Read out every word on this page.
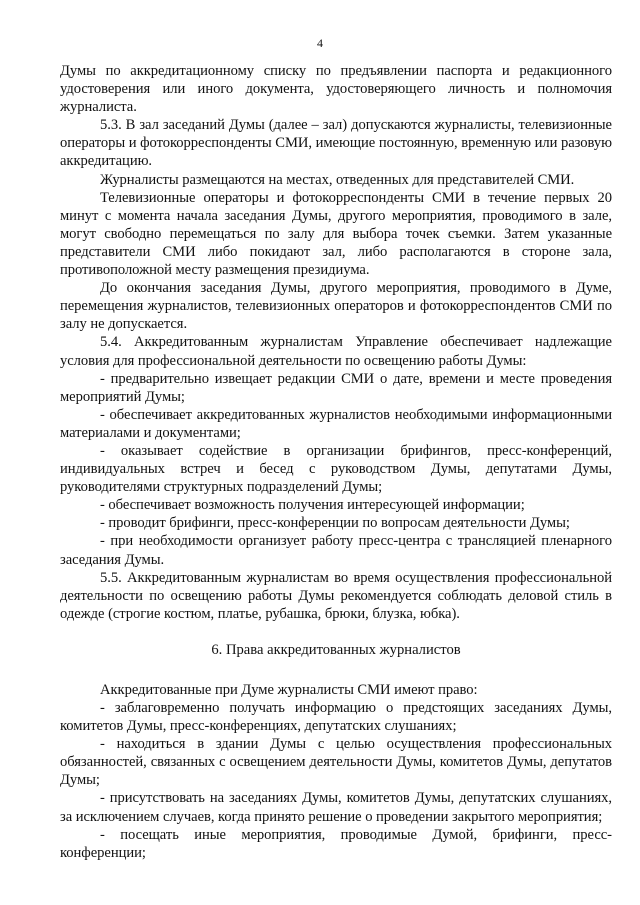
4

Думы по аккредитационному списку по предъявлении паспорта и редакционного удостоверения или иного документа, удостоверяющего личность и полномочия журналиста.

5.3. В зал заседаний Думы (далее – зал) допускаются журналисты, телевизионные операторы и фотокорреспонденты СМИ, имеющие постоянную, временную или разовую аккредитацию.

Журналисты размещаются на местах, отведенных для представителей СМИ.

Телевизионные операторы и фотокорреспонденты СМИ в течение первых 20 минут с момента начала заседания Думы, другого мероприятия, проводимого в зале, могут свободно перемещаться по залу для выбора точек съемки. Затем указанные представители СМИ либо покидают зал, либо располагаются в стороне зала, противоположной месту размещения президиума.

До окончания заседания Думы, другого мероприятия, проводимого в Думе, перемещения журналистов, телевизионных операторов и фотокорреспондентов СМИ по залу не допускается.

5.4. Аккредитованным журналистам Управление обеспечивает надлежащие условия для профессиональной деятельности по освещению работы Думы:

- предварительно извещает редакции СМИ о дате, времени и месте проведения мероприятий Думы;

- обеспечивает аккредитованных журналистов необходимыми информационными материалами и документами;

- оказывает содействие в организации брифингов, пресс-конференций, индивидуальных встреч и бесед с руководством Думы, депутатами Думы, руководителями структурных подразделений Думы;

- обеспечивает возможность получения интересующей информации;

- проводит брифинги, пресс-конференции по вопросам деятельности Думы;

- при необходимости организует работу пресс-центра с трансляцией пленарного заседания Думы.

5.5. Аккредитованным журналистам во время осуществления профессиональной деятельности по освещению работы Думы рекомендуется соблюдать деловой стиль в одежде (строгие костюм, платье, рубашка, брюки, блузка, юбка).

6. Права аккредитованных журналистов

Аккредитованные при Думе журналисты СМИ имеют право:

- заблаговременно получать информацию о предстоящих заседаниях Думы, комитетов Думы, пресс-конференциях, депутатских слушаниях;

- находиться в здании Думы с целью осуществления профессиональных обязанностей, связанных с освещением деятельности Думы, комитетов Думы, депутатов Думы;

- присутствовать на заседаниях Думы, комитетов Думы, депутатских слушаниях, за исключением случаев, когда принято решение о проведении закрытого мероприятия;

- посещать иные мероприятия, проводимые Думой, брифинги, пресс-конференции;
